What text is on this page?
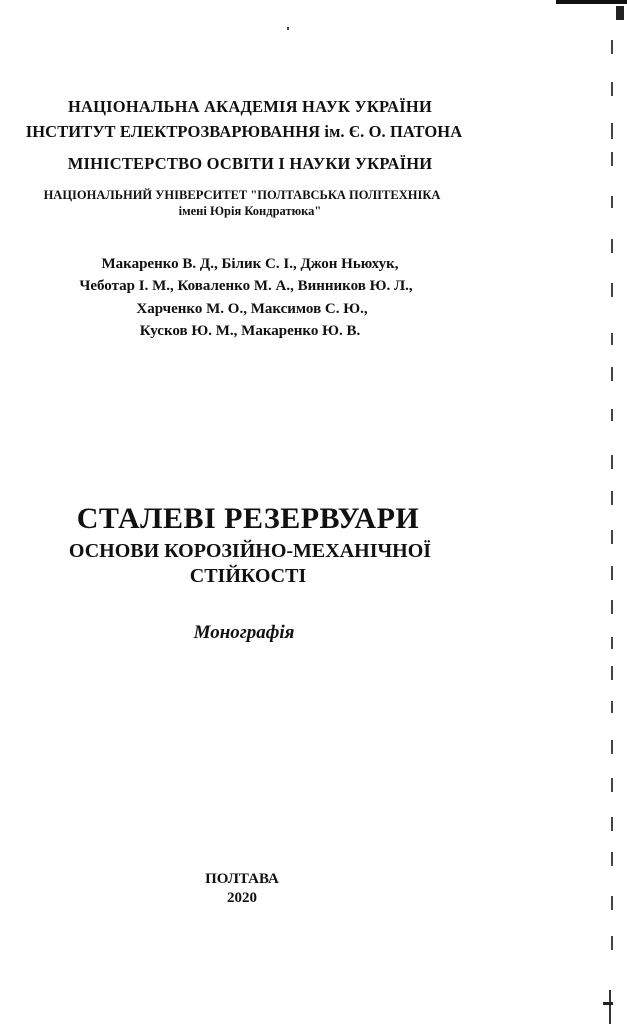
НАЦІОНАЛЬНА АКАДЕМІЯ НАУК УКРАЇНИ
ІНСТИТУТ ЕЛЕКТРОЗВАРЮВАННЯ ім. Є. О. ПАТОНА
МІНІСТЕРСТВО ОСВІТИ І НАУКИ УКРАЇНИ
НАЦІОНАЛЬНИЙ УНІВЕРСИТЕТ "ПОЛТАВСЬКА ПОЛІТЕХНІКА
імені Юрія Кондратюка"
Макаренко В. Д., Білик С. І., Джон Ньюхук,
Чеботар І. М., Коваленко М. А., Винников Ю. Л.,
Харченко М. О., Максимов С. Ю.,
Кусков Ю. М., Макаренко Ю. В.
СТАЛЕВІ РЕЗЕРВУАРИ
ОСНОВИ КОРОЗІЙНО-МЕХАНІЧНОЇ
СТІЙКОСТІ
Монографія
ПОЛТАВА
2020
